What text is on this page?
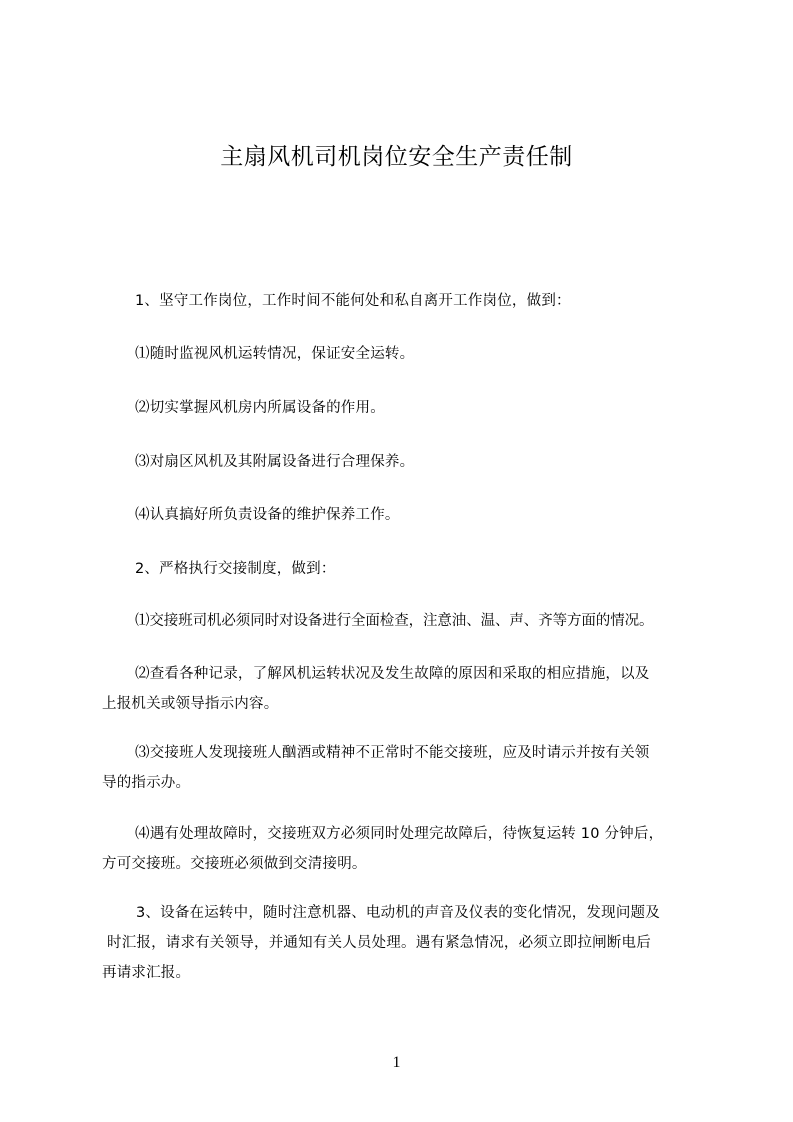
主扇风机司机岗位安全生产责任制
1、坚守工作岗位，工作时间不能何处和私自离开工作岗位，做到：
⑴随时监视风机运转情况，保证安全运转。
⑵切实掌握风机房内所属设备的作用。
⑶对扇区风机及其附属设备进行合理保养。
⑷认真搞好所负责设备的维护保养工作。
2、严格执行交接制度，做到：
⑴交接班司机必须同时对设备进行全面检查，注意油、温、声、齐等方面的情况。
⑵查看各种记录，了解风机运转状况及发生故障的原因和采取的相应措施，以及
上报机关或领导指示内容。
⑶交接班人发现接班人酗酒或精神不正常时不能交接班，应及时请示并按有关领
导的指示办。
⑷遇有处理故障时，交接班双方必须同时处理完故障后，待恢复运转 10 分钟后，
方可交接班。交接班必须做到交清接明。
3、设备在运转中，随时注意机器、电动机的声音及仪表的变化情况，发现问题及
时汇报，请求有关领导，并通知有关人员处理。遇有紧急情况，必须立即拉闸断电后
再请求汇报。
1
